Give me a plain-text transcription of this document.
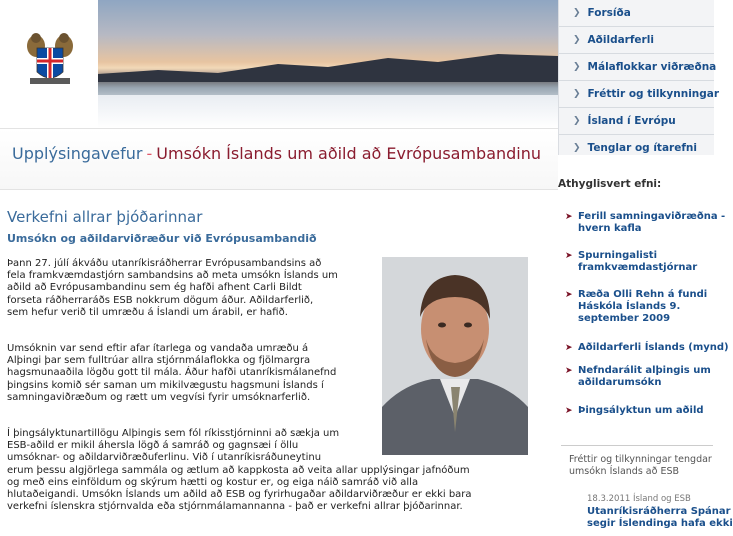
❯ Forsíða
❯ Aðildarferli
❯ Málaflokkar viðræðna
❯ Fréttir og tilkynningar
❯ Ísland í Evrópu
❯ Tenglar og ítarefni
Upplýsingavefur - Umsókn Íslands um aðild að Evrópusambandinu
Verkefni allrar þjóðarinnar
Umsókn og aðildarviðræður við Evrópusambandið
Þann 27. júlí ákváðu utanríkisráðherrar Evrópusambandsins að
fela framkvæmdastjórn sambandsins að meta umsókn Íslands um
aðild að Evrópusambandinu sem ég hafði afhent Carli Bildt
forseta ráðherraráðs ESB nokkrum dögum áður. Aðildarferlið,
sem hefur verið til umræðu á Íslandi um árabil, er hafið.
Umsóknin var send eftir afar ítarlega og vandaða umræðu á
Alþingi þar sem fulltrúar allra stjórnmálaflokka og fjölmargra
hagsmunaaðila lögðu gott til mála. Áður hafði utanríkismálanefnd
þingsins komið sér saman um mikilvægustu hagsmuni Íslands í
samningaviðræðum og rætt um vegvísi fyrir umsóknarferlið.
Í þingsályktunartillögu Alþingis sem fól ríkisstjórninni að sækja um
ESB-aðild er mikil áhersla lögð á samráð og gagnsæi í öllu
umsóknar- og aðildarviðræðuferlinu. Við í utanríkisráðuneytinu
erum þessu algjörlega sammála og ætlum að kappkosta að veita allar upplýsingar jafnóðum
og með eins einföldum og skýrum hætti og kostur er, og eiga náið samráð við alla
hlutaðeigandi. Umsókn Íslands um aðild að ESB og fyrirhugaðar aðildarviðræður er ekki bara
verkefni íslenskra stjórnvalda eða stjórnmálamannanna - það er verkefni allrar þjóðarinnar.
Athyglisvert efni:
➤ Ferill samningaviðræðna -
hvern kafla
➤ Spurningalisti
framkvæmdastjórnar
➤ Ræða Olli Rehn á fundi
Háskóla Íslands 9.
september 2009
➤ Aðildarferli Íslands (mynd)
➤ Nefndarálit alþingis um
aðildarumsókn
➤ Þingsályktun um aðild
Fréttir og tilkynningar tengdar
umsókn Íslands að ESB
18.3.2011 Ísland og ESB
Utanríkisráðherra Spánar
segir Íslendinga hafa ekki
